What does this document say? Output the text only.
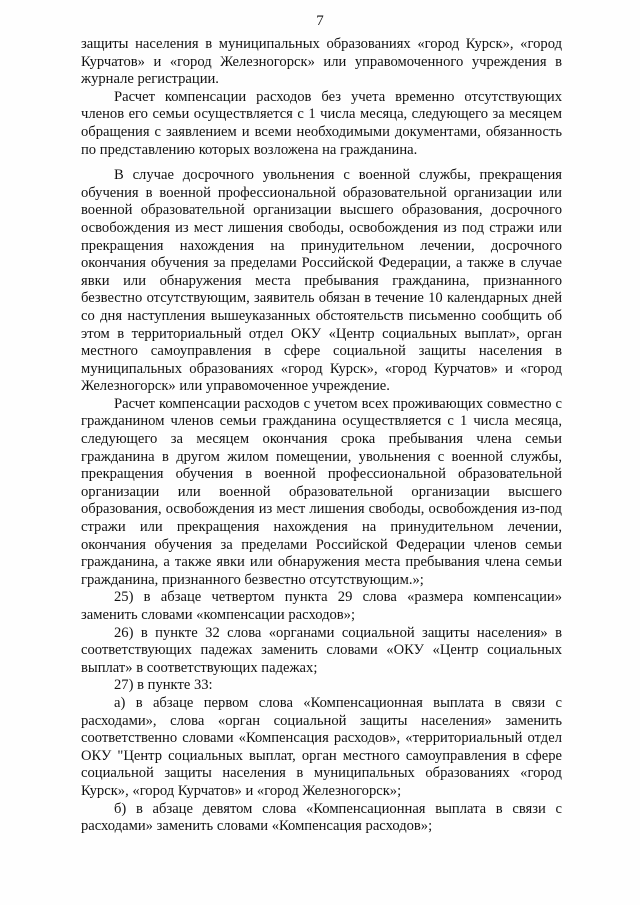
7

защиты населения в муниципальных образованиях «город Курск», «город Курчатов» и «город Железногорск» или управомоченного учреждения в журнале регистрации.

Расчет компенсации расходов без учета временно отсутствующих членов его семьи осуществляется с 1 числа месяца, следующего за месяцем обращения с заявлением и всеми необходимыми документами, обязанность по представлению которых возложена на гражданина.

В случае досрочного увольнения с военной службы, прекращения обучения в военной профессиональной образовательной организации или военной образовательной организации высшего образования, досрочного освобождения из мест лишения свободы, освобождения из под стражи или прекращения нахождения на принудительном лечении, досрочного окончания обучения за пределами Российской Федерации, а также в случае явки или обнаружения места пребывания гражданина, признанного безвестно отсутствующим, заявитель обязан в течение 10 календарных дней со дня наступления вышеуказанных обстоятельств письменно сообщить об этом в территориальный отдел ОКУ «Центр социальных выплат», орган местного самоуправления в сфере социальной защиты населения в муниципальных образованиях «город Курск», «город Курчатов» и «город Железногорск» или управомоченное учреждение.

Расчет компенсации расходов с учетом всех проживающих совместно с гражданином членов семьи гражданина осуществляется с 1 числа месяца, следующего за месяцем окончания срока пребывания члена семьи гражданина в другом жилом помещении, увольнения с военной службы, прекращения обучения в военной профессиональной образовательной организации или военной образовательной организации высшего образования, освобождения из мест лишения свободы, освобождения из-под стражи или прекращения нахождения на принудительном лечении, окончания обучения за пределами Российской Федерации членов семьи гражданина, а также явки или обнаружения места пребывания члена семьи гражданина, признанного безвестно отсутствующим.»;

25) в абзаце четвертом пункта 29 слова «размера компенсации» заменить словами «компенсации расходов»;

26) в пункте 32 слова «органами социальной защиты населения» в соответствующих падежах заменить словами «ОКУ «Центр социальных выплат» в соответствующих падежах;

27) в пункте 33:

а) в абзаце первом слова «Компенсационная выплата в связи с расходами», слова «орган социальной защиты населения» заменить соответственно словами «Компенсация расходов», «территориальный отдел ОКУ "Центр социальных выплат, орган местного самоуправления в сфере социальной защиты населения в муниципальных образованиях «город Курск», «город Курчатов» и «город Железногорск»;

б) в абзаце девятом слова «Компенсационная выплата в связи с расходами» заменить словами «Компенсация расходов»;
